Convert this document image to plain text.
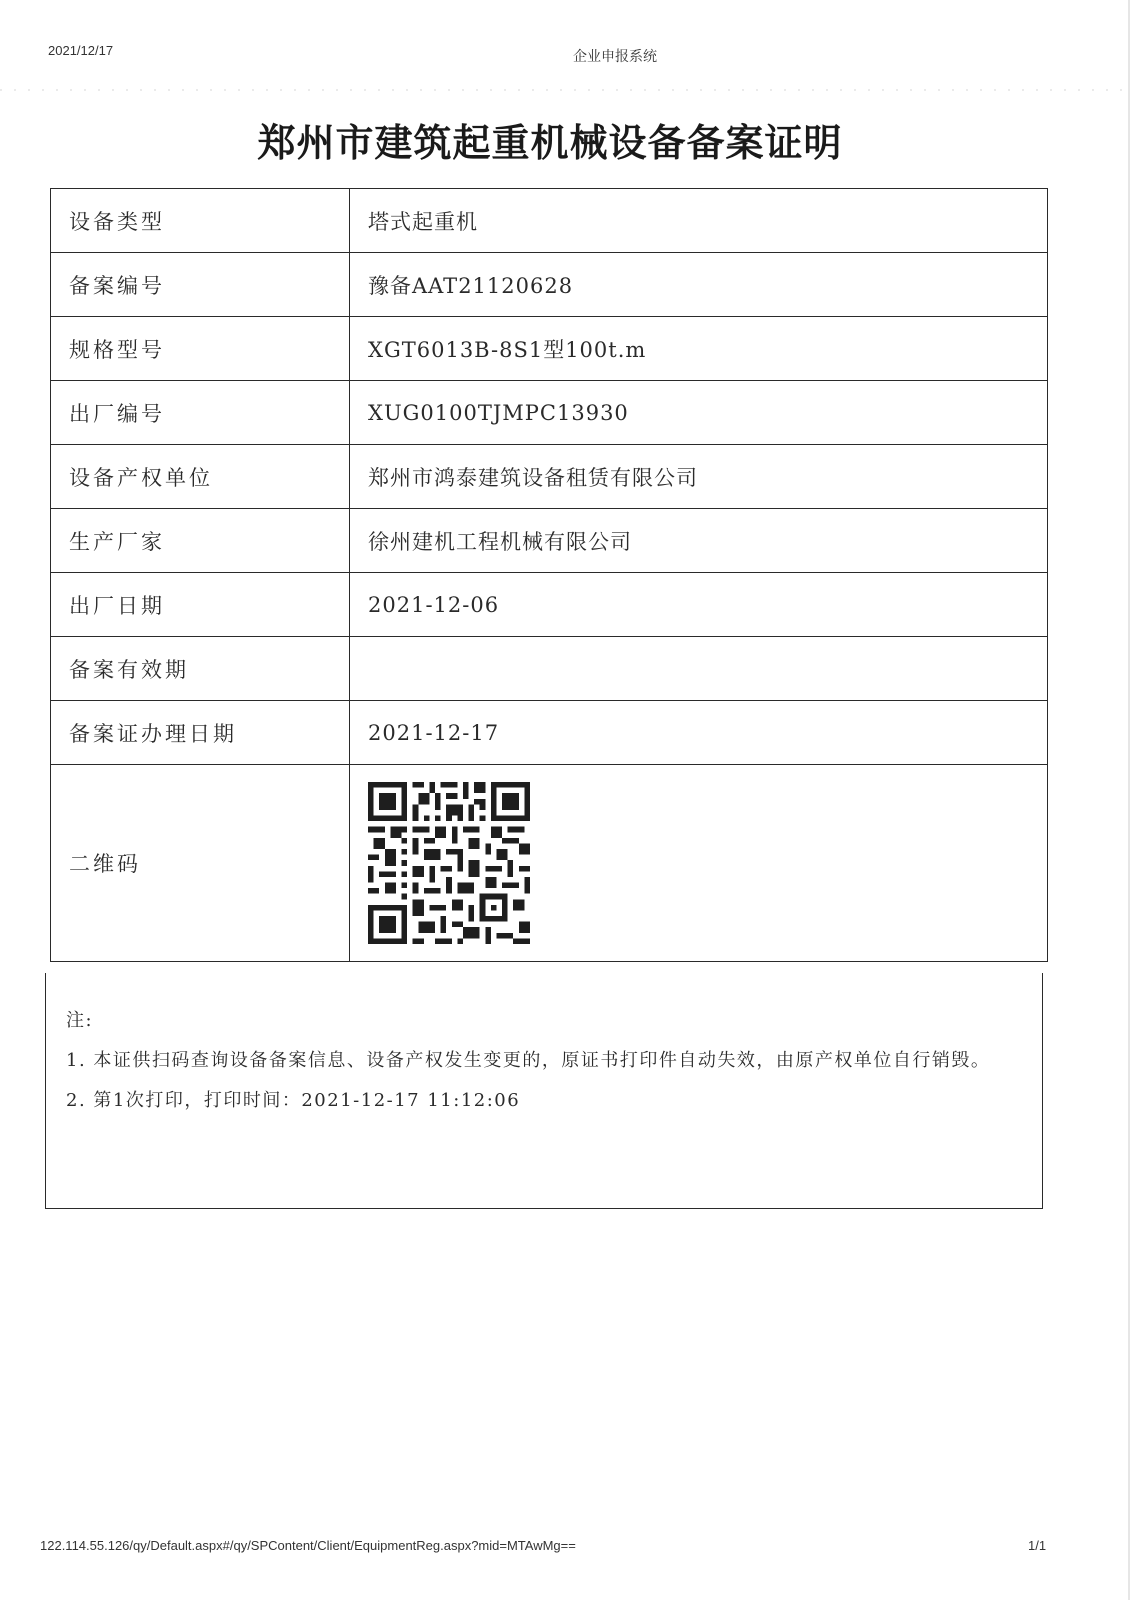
2021/12/17	企业申报系统
郑州市建筑起重机械设备备案证明
设备类型	塔式起重机
备案编号	豫备AAT21120628
规格型号	XGT6013B-8S1型100t.m
出厂编号	XUG0100TJMPC13930
设备产权单位	郑州市鸿泰建筑设备租赁有限公司
生产厂家	徐州建机工程机械有限公司
出厂日期	2021-12-06
备案有效期	
备案证办理日期	2021-12-17
二维码	

注:

1. 本证供扫码查询设备备案信息、设备产权发生变更的，原证书打印件自动失效，由原产权单位自行销毁。

2. 第1次打印，打印时间：2021-12-17 11:12:06

122.114.55.126/qy/Default.aspx#/qy/SPContent/Client/EquipmentReg.aspx?mid=MTAwMg==	1/1
